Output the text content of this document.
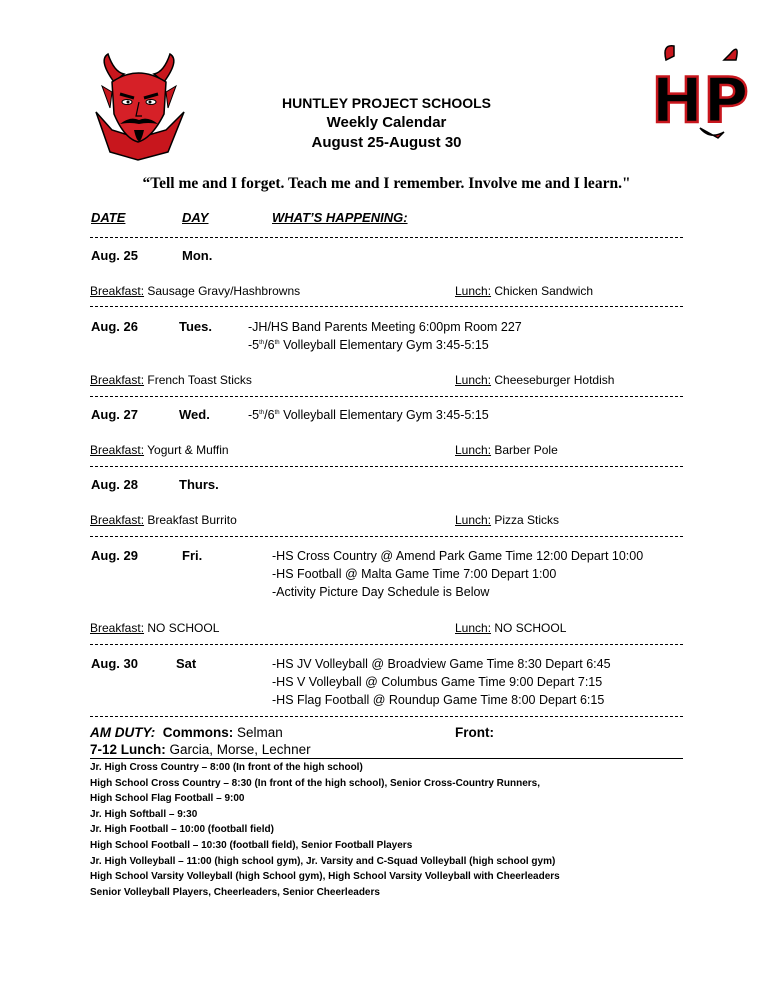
HP
HUNTLEY PROJECT SCHOOLS
Weekly Calendar
August 25-August 30
“Tell me and I forget. Teach me and I remember. Involve me and I learn."
DATE	DAY	WHAT’S HAPPENING:
Aug. 25	Mon.
Breakfast: Sausage Gravy/Hashbrowns	Lunch: Chicken Sandwich
Aug. 26	Tues.	-JH/HS Band Parents Meeting 6:00pm Room 227
-5th/6th Volleyball Elementary Gym 3:45-5:15
Breakfast: French Toast Sticks	Lunch: Cheeseburger Hotdish
Aug. 27	Wed.	-5th/6th Volleyball Elementary Gym 3:45-5:15
Breakfast: Yogurt & Muffin	Lunch: Barber Pole
Aug. 28	Thurs.
Breakfast: Breakfast Burrito	Lunch: Pizza Sticks
Aug. 29	Fri.	-HS Cross Country @ Amend Park Game Time 12:00 Depart 10:00
-HS Football @ Malta Game Time 7:00 Depart 1:00
-Activity Picture Day Schedule is Below
Breakfast: NO SCHOOL	Lunch: NO SCHOOL
Aug. 30	Sat	-HS JV Volleyball @ Broadview Game Time 8:30 Depart 6:45
-HS V Volleyball @ Columbus Game Time 9:00 Depart 7:15
-HS Flag Football @ Roundup Game Time 8:00 Depart 6:15
AM DUTY: Commons: Selman	Front:
7-12 Lunch: Garcia, Morse, Lechner
Jr. High Cross Country – 8:00 (In front of the high school)
High School Cross Country – 8:30 (In front of the high school), Senior Cross-Country Runners,
High School Flag Football – 9:00
Jr. High Softball – 9:30
Jr. High Football – 10:00 (football field)
High School Football – 10:30 (football field), Senior Football Players
Jr. High Volleyball – 11:00 (high school gym), Jr. Varsity and C-Squad Volleyball (high school gym)
High School Varsity Volleyball (high School gym), High School Varsity Volleyball with Cheerleaders
Senior Volleyball Players, Cheerleaders, Senior Cheerleaders
